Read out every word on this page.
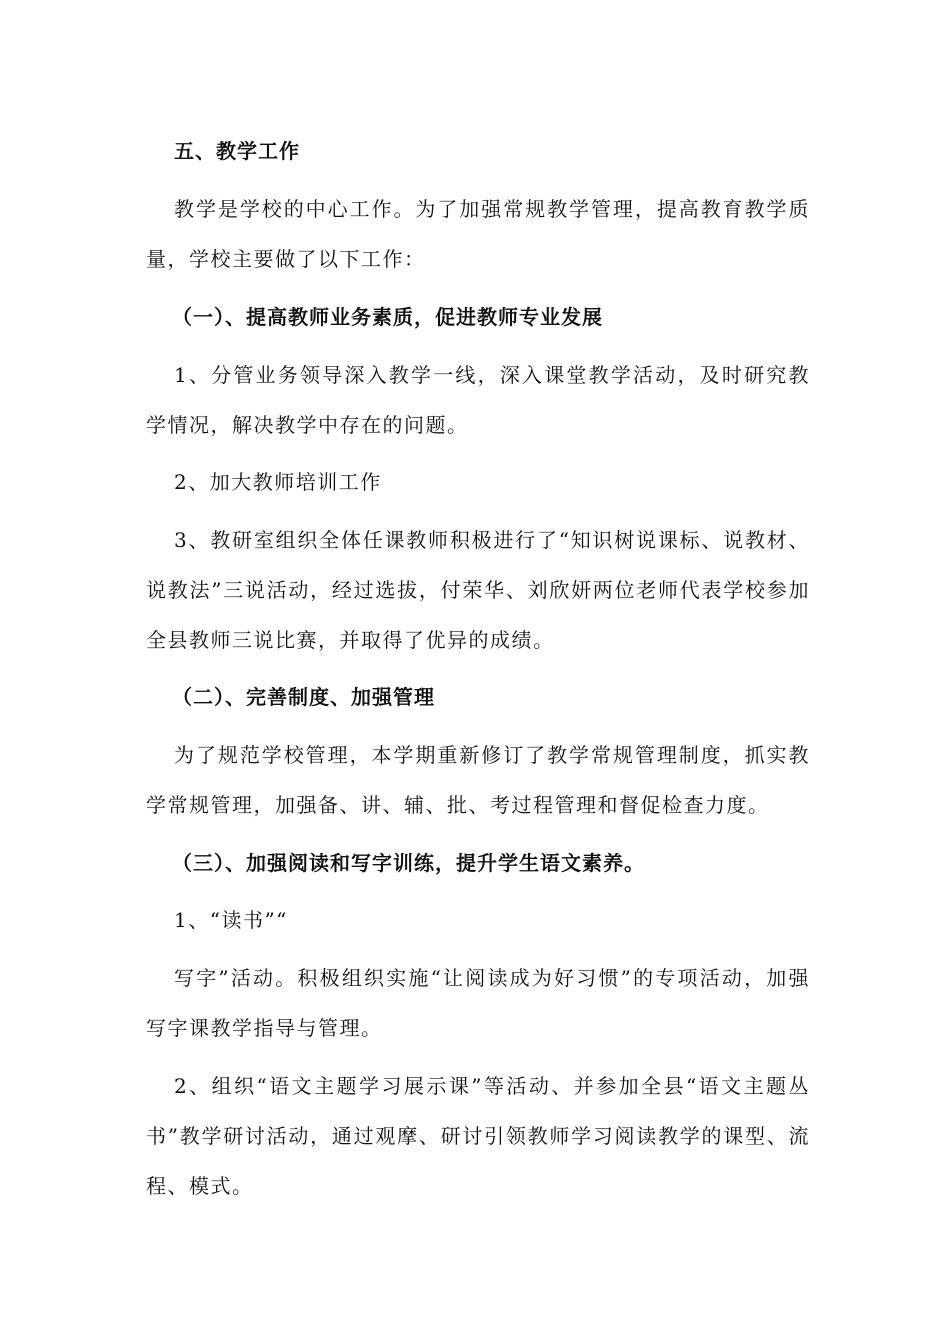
五、教学工作
教学是学校的中心工作。为了加强常规教学管理，提高教育教学质量，学校主要做了以下工作：
（一）、提高教师业务素质，促进教师专业发展
1、分管业务领导深入教学一线，深入课堂教学活动，及时研究教学情况，解决教学中存在的问题。
2、加大教师培训工作
3、教研室组织全体任课教师积极进行了“知识树说课标、说教材、说教法”三说活动，经过选拔，付荣华、刘欣妍两位老师代表学校参加全县教师三说比赛，并取得了优异的成绩。
（二）、完善制度、加强管理
为了规范学校管理，本学期重新修订了教学常规管理制度，抓实教学常规管理，加强备、讲、辅、批、考过程管理和督促检查力度。
（三）、加强阅读和写字训练，提升学生语文素养。
1、“读书”“
写字”活动。积极组织实施“让阅读成为好习惯”的专项活动，加强写字课教学指导与管理。
2、组织“语文主题学习展示课”等活动、并参加全县“语文主题丛书”教学研讨活动，通过观摩、研讨引领教师学习阅读教学的课型、流程、模式。
